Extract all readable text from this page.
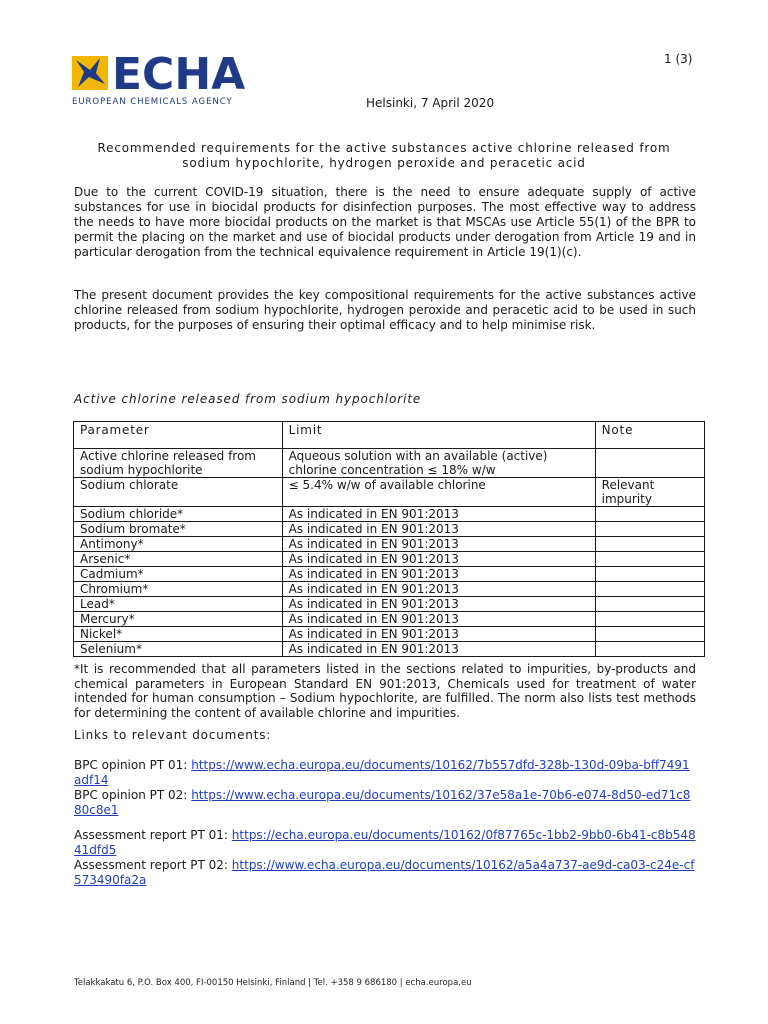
ECHA
EUROPEAN CHEMICALS AGENCY
1 (3)
Helsinki, 7 April 2020
Recommended requirements for the active substances active chlorine released from sodium hypochlorite, hydrogen peroxide and peracetic acid

Due to the current COVID-19 situation, there is the need to ensure adequate supply of active substances for use in biocidal products for disinfection purposes. The most effective way to address the needs to have more biocidal products on the market is that MSCAs use Article 55(1) of the BPR to permit the placing on the market and use of biocidal products under derogation from Article 19 and in particular derogation from the technical equivalence requirement in Article 19(1)(c).

The present document provides the key compositional requirements for the active substances active chlorine released from sodium hypochlorite, hydrogen peroxide and peracetic acid to be used in such products, for the purposes of ensuring their optimal efficacy and to help minimise risk.

Active chlorine released from sodium hypochlorite
Parameter	Limit	Note
Active chlorine released from sodium hypochlorite	Aqueous solution with an available (active) chlorine concentration ≤ 18% w/w	
Sodium chlorate	≤ 5.4% w/w of available chlorine	Relevant impurity
Sodium chloride*	As indicated in EN 901:2013	
Sodium bromate*	As indicated in EN 901:2013	
Antimony*	As indicated in EN 901:2013	
Arsenic*	As indicated in EN 901:2013	
Cadmium*	As indicated in EN 901:2013	
Chromium*	As indicated in EN 901:2013	
Lead*	As indicated in EN 901:2013	
Mercury*	As indicated in EN 901:2013	
Nickel*	As indicated in EN 901:2013	
Selenium*	As indicated in EN 901:2013	

*It is recommended that all parameters listed in the sections related to impurities, by-products and chemical parameters in European Standard EN 901:2013, Chemicals used for treatment of water intended for human consumption – Sodium hypochlorite, are fulfilled. The norm also lists test methods for determining the content of available chlorine and impurities.

Links to relevant documents:
BPC opinion PT 01: https://www.echa.europa.eu/documents/10162/7b557dfd-328b-130d-09ba-bff7491adf14
BPC opinion PT 02: https://www.echa.europa.eu/documents/10162/37e58a1e-70b6-e074-8d50-ed71c880c8e1
Assessment report PT 01: https://echa.europa.eu/documents/10162/0f87765c-1bb2-9bb0-6b41-c8b54841dfd5
Assessment report PT 02: https://www.echa.europa.eu/documents/10162/a5a4a737-ae9d-ca03-c24e-cf573490fa2a
Telakkakatu 6, P.O. Box 400, FI-00150 Helsinki, Finland | Tel. +358 9 686180 | echa.europa.eu
